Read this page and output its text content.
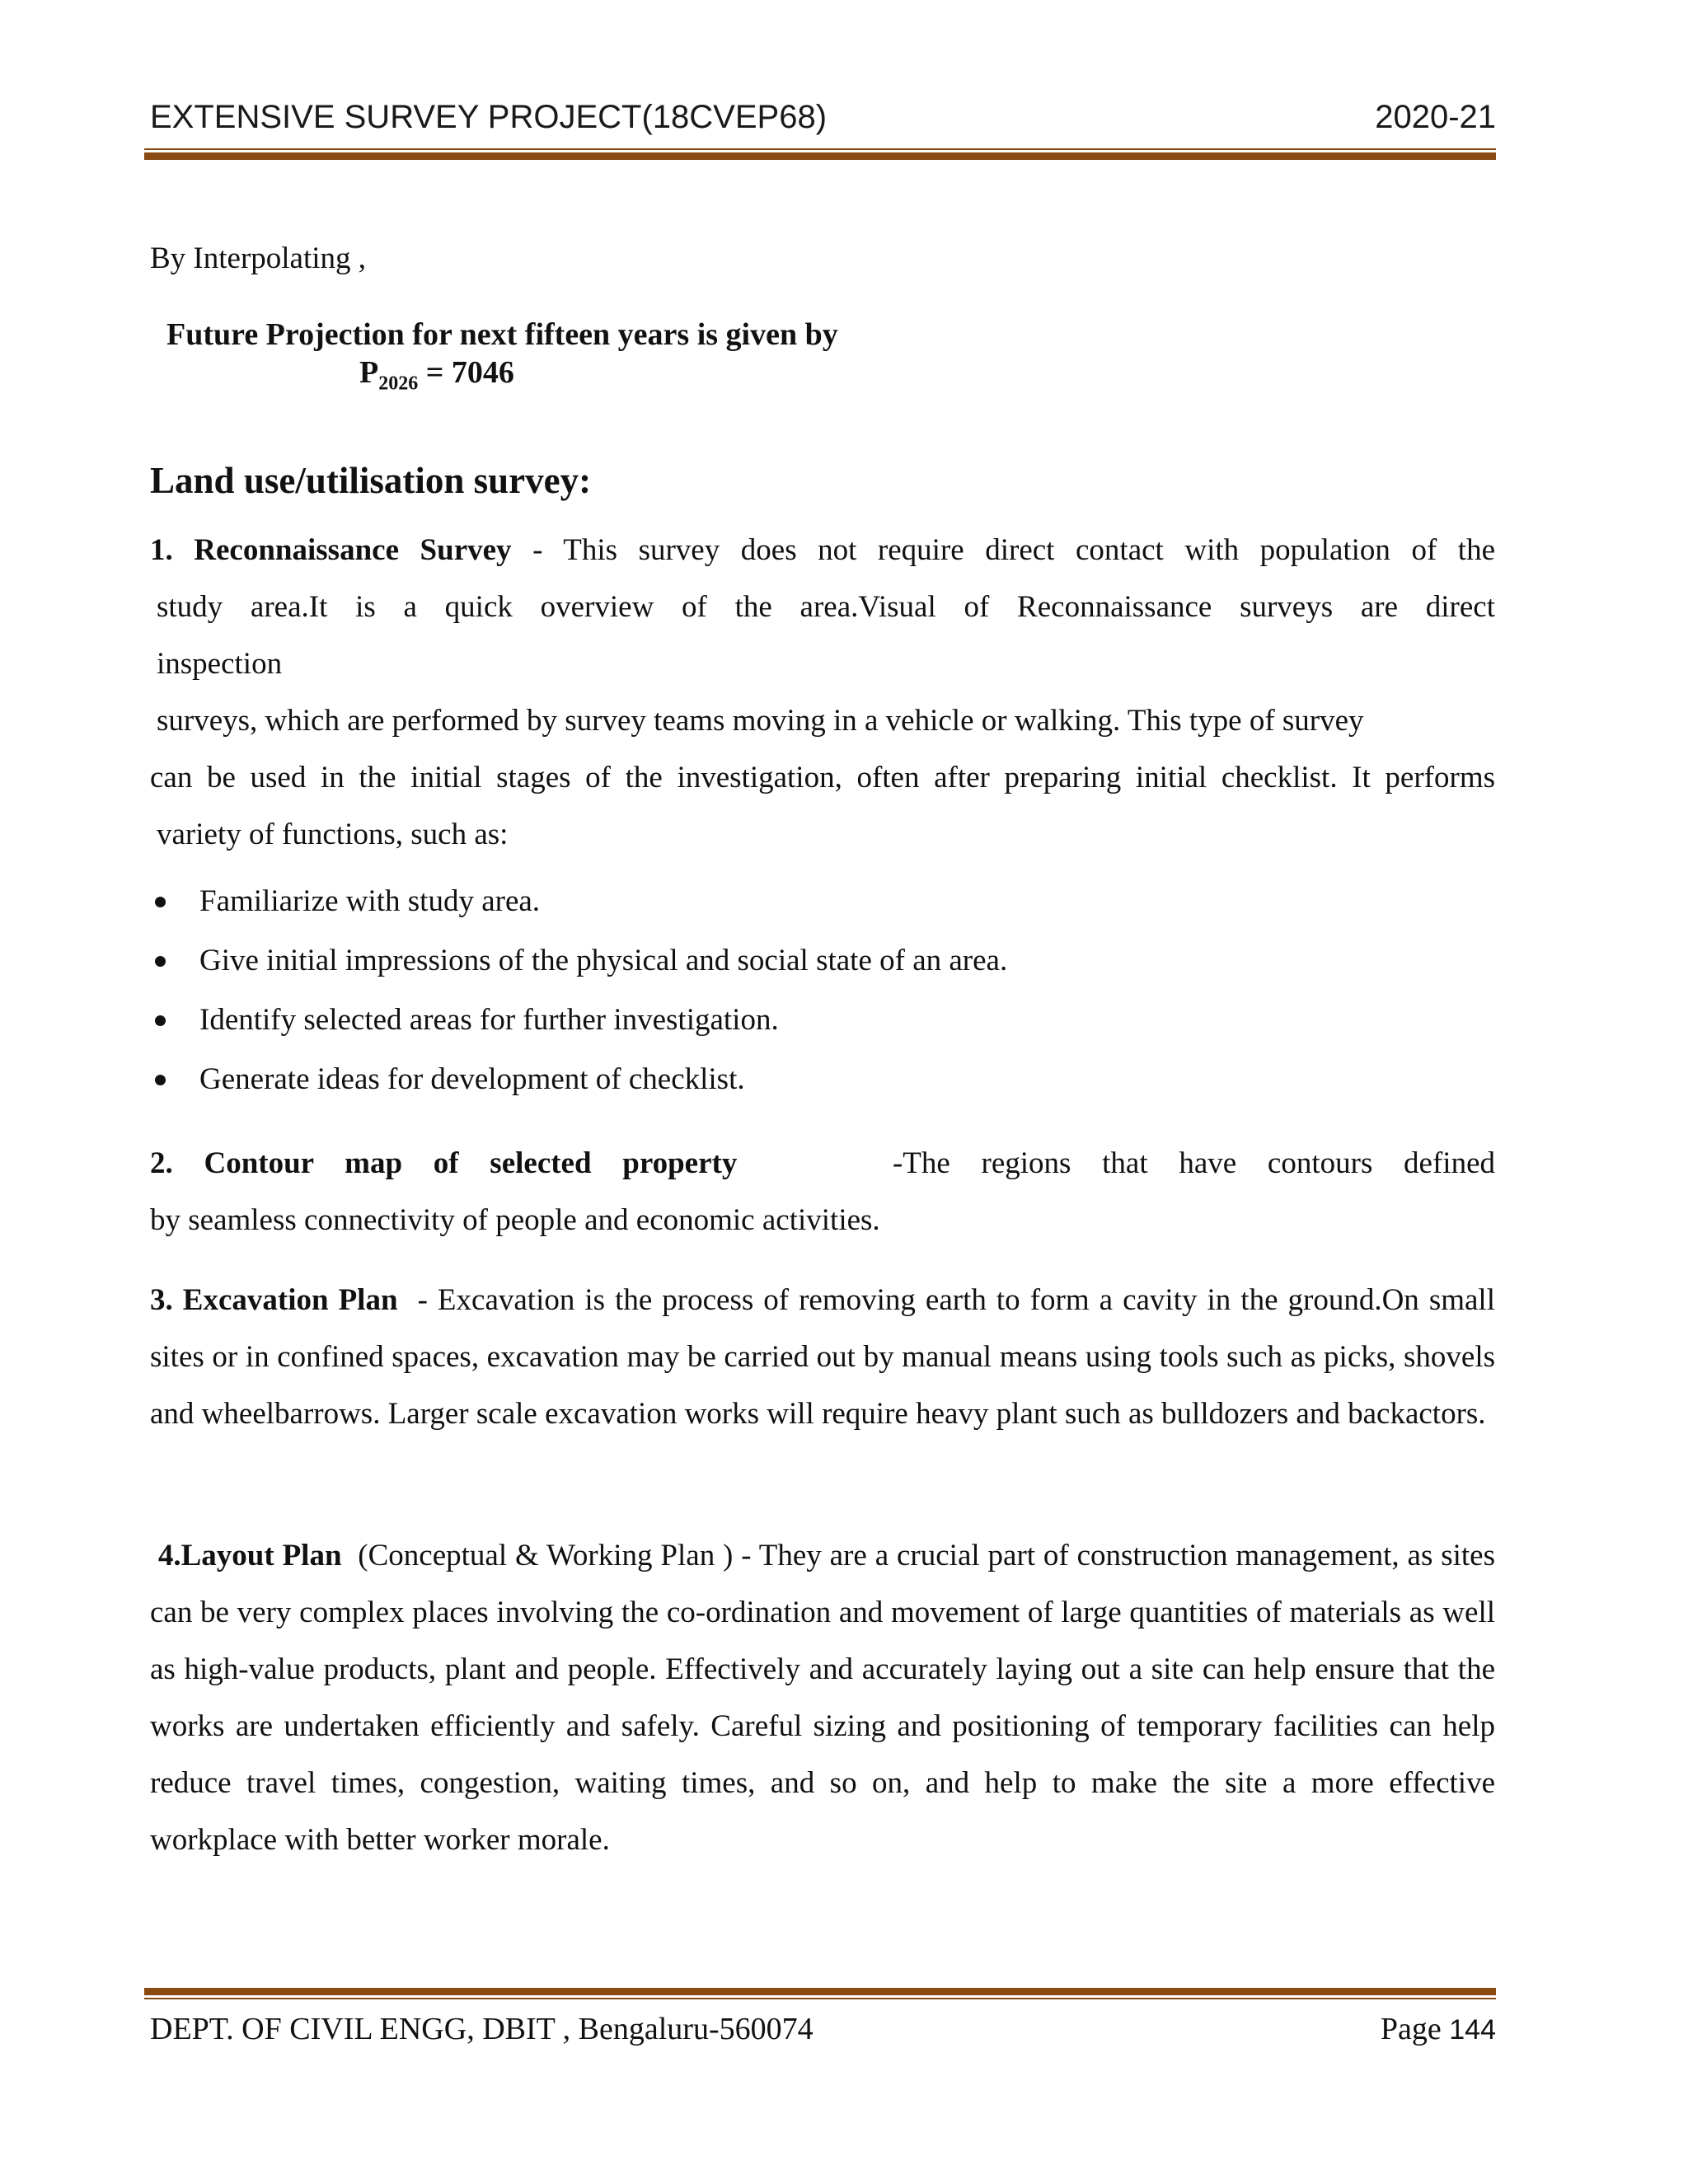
EXTENSIVE SURVEY PROJECT(18CVEP68)	2020-21
By Interpolating ,
Future Projection for next fifteen years is given by
$P_{2026} = 7046$
Land use/utilisation survey:

1. Reconnaissance Survey - This survey does not require direct contact with population of the

study area.It is a quick overview of the area.Visual of Reconnaissance surveys are direct

inspection

surveys, which are performed by survey teams moving in a vehicle or walking. This type of survey

can be used in the initial stages of the investigation, often after preparing initial checklist. It performs

variety of functions, such as:

Familiarize with study area.
Give initial impressions of the physical and social state of an area.
Identify selected areas for further investigation.
Generate ideas for development of checklist.

2. Contour map of selected property	-The regions that have contours defined

by seamless connectivity of people and economic activities.

3. Excavation Plan - Excavation is the process of removing earth to form a cavity in the ground.On small sites or in confined spaces, excavation may be carried out by manual means using tools such as picks, shovels and wheelbarrows. Larger scale excavation works will require heavy plant such as bulldozers and backactors.

4.Layout Plan (Conceptual & Working Plan ) - They are a crucial part of construction management, as sites can be very complex places involving the co-ordination and movement of large quantities of materials as well as high-value products, plant and people. Effectively and accurately laying out a site can help ensure that the works are undertaken efficiently and safely. Careful sizing and positioning of temporary facilities can help reduce travel times, congestion, waiting times, and so on, and help to make the site a more effective workplace with better worker morale.

DEPT. OF CIVIL ENGG, DBIT , Bengaluru-560074	Page 144
